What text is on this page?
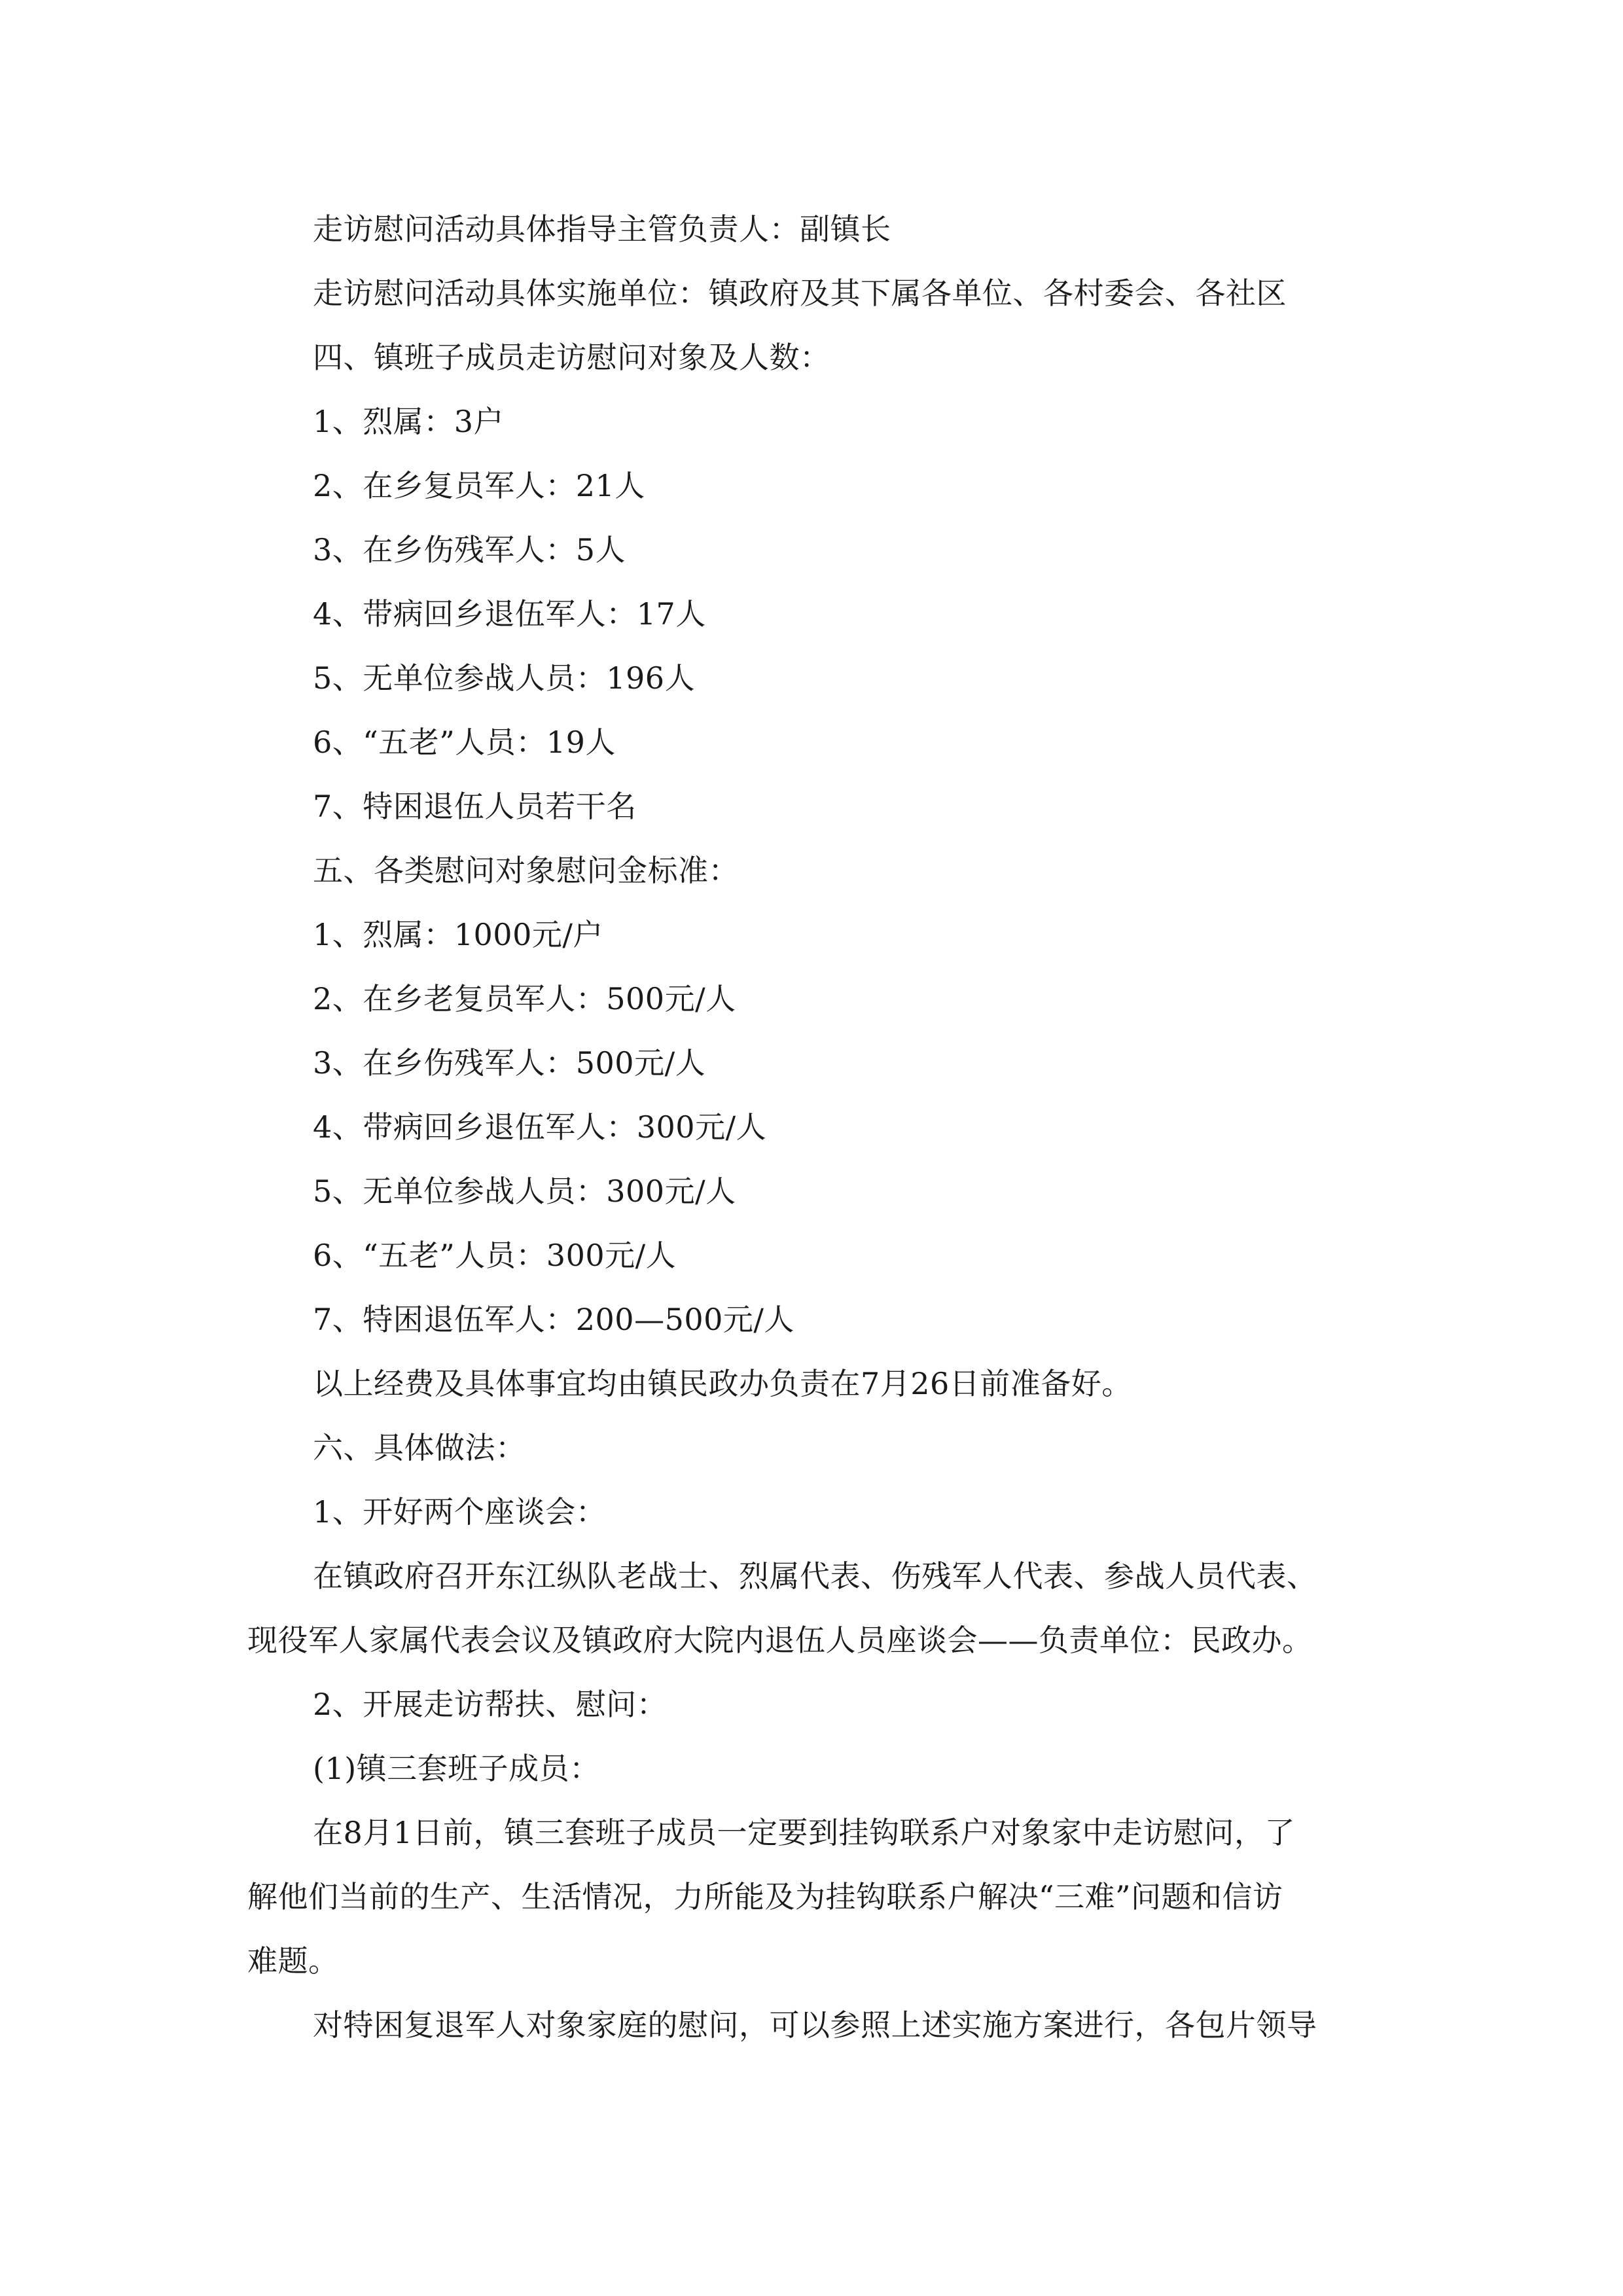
走访慰问活动具体指导主管负责人：副镇长
走访慰问活动具体实施单位：镇政府及其下属各单位、各村委会、各社区
四、镇班子成员走访慰问对象及人数：
1、烈属：3户
2、在乡复员军人：21人
3、在乡伤残军人：5人
4、带病回乡退伍军人：17人
5、无单位参战人员：196人
6、“五老”人员：19人
7、特困退伍人员若干名
五、各类慰问对象慰问金标准：
1、烈属：1000元/户
2、在乡老复员军人：500元/人
3、在乡伤残军人：500元/人
4、带病回乡退伍军人：300元/人
5、无单位参战人员：300元/人
6、“五老”人员：300元/人
7、特困退伍军人：200—500元/人
以上经费及具体事宜均由镇民政办负责在7月26日前准备好。
六、具体做法：
1、开好两个座谈会：
在镇政府召开东江纵队老战士、烈属代表、伤残军人代表、参战人员代表、
现役军人家属代表会议及镇政府大院内退伍人员座谈会——负责单位：民政办。
2、开展走访帮扶、慰问：
(1)镇三套班子成员：
在8月1日前，镇三套班子成员一定要到挂钩联系户对象家中走访慰问，了
解他们当前的生产、生活情况，力所能及为挂钩联系户解决“三难”问题和信访
难题。
对特困复退军人对象家庭的慰问，可以参照上述实施方案进行，各包片领导
